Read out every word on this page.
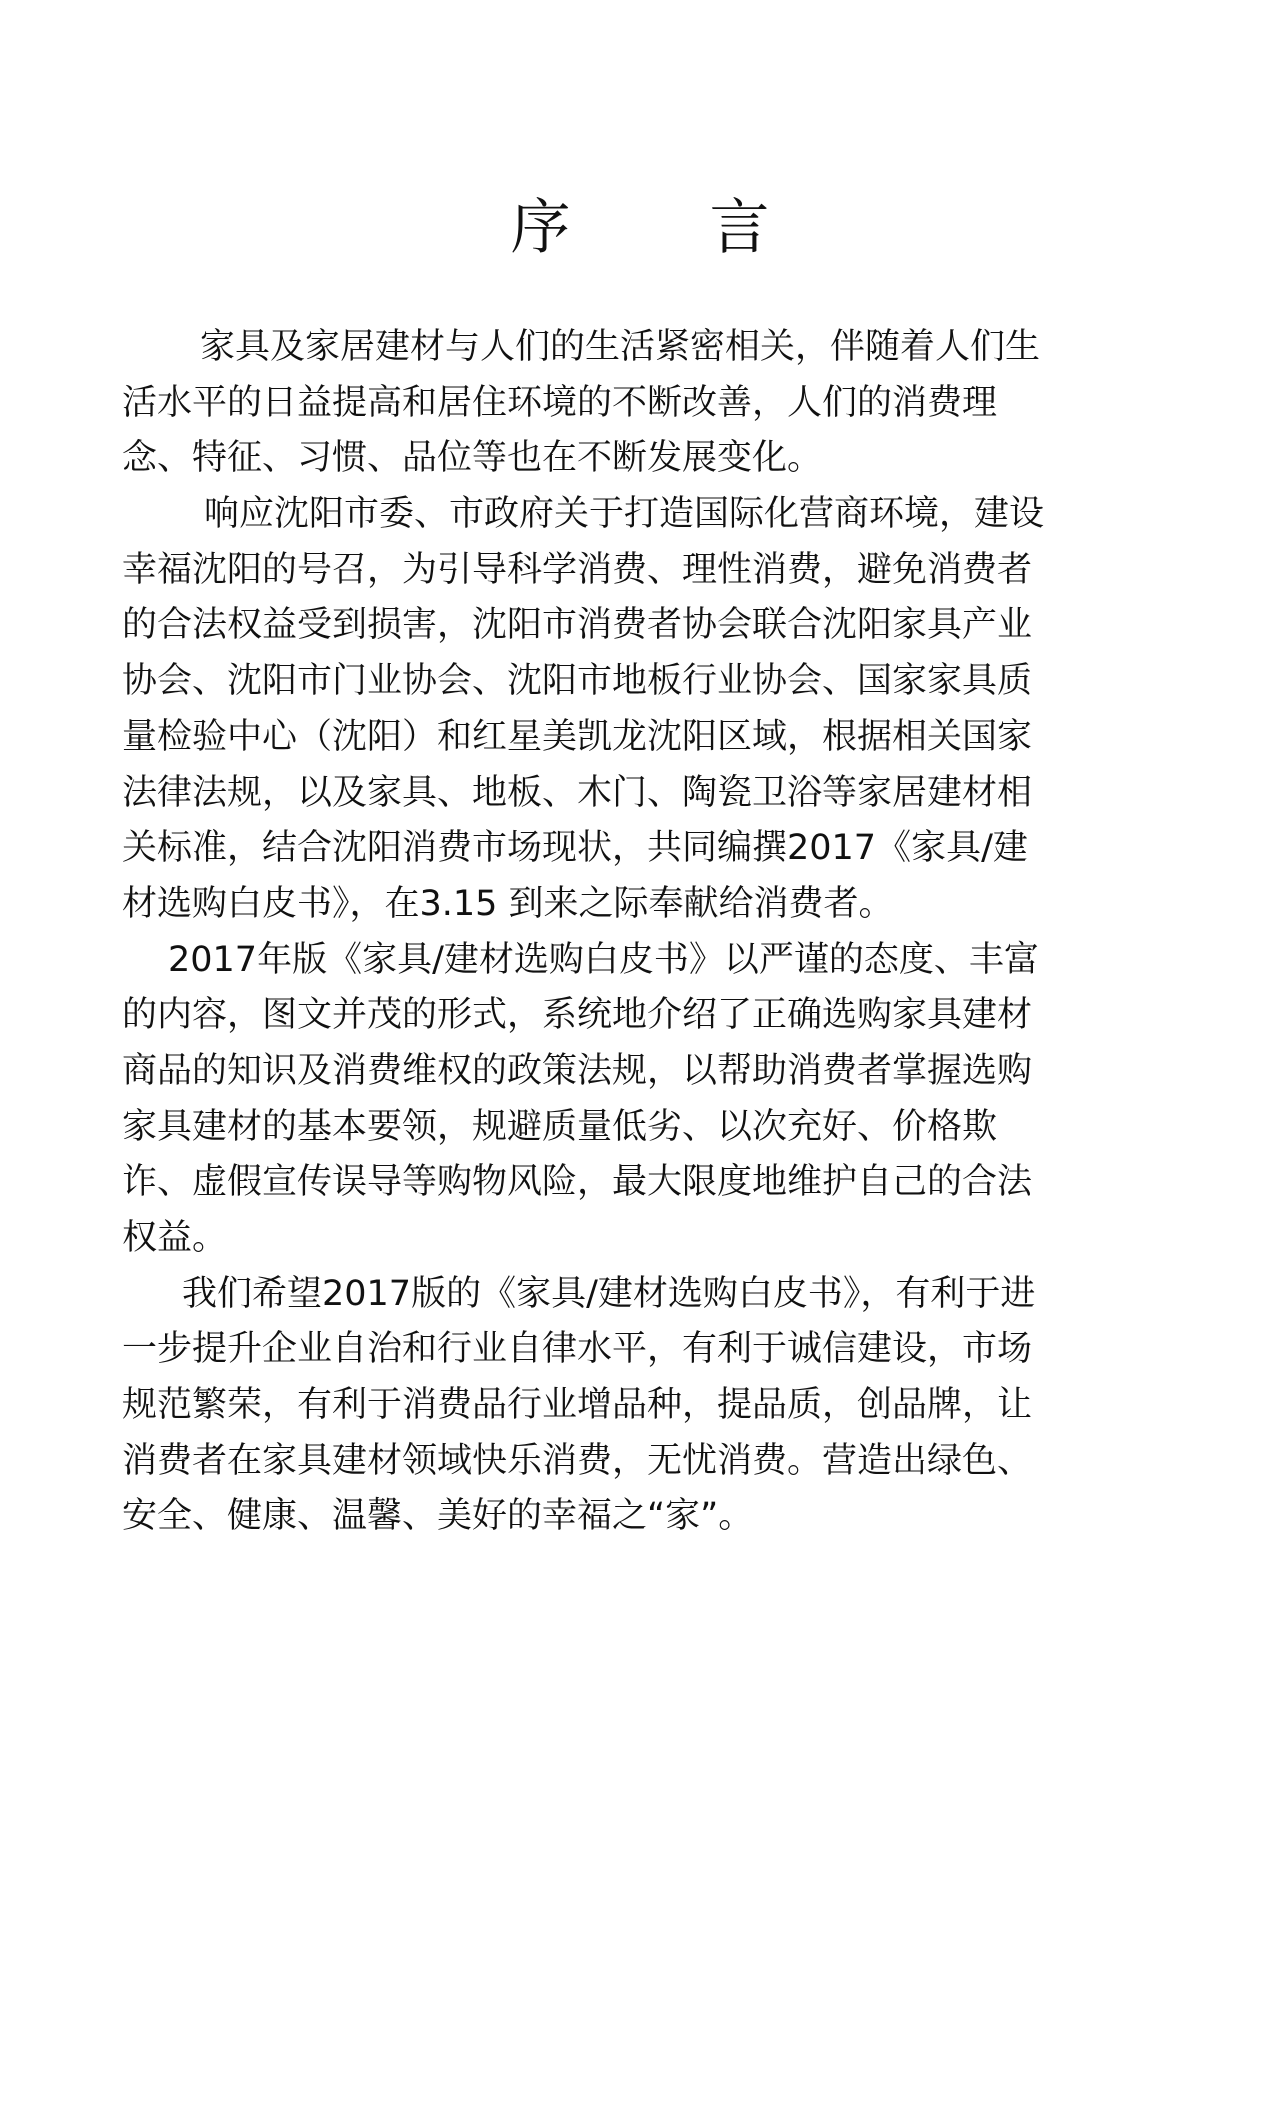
序 言
家具及家居建材与人们的生活紧密相关，伴随着人们生
活水平的日益提高和居住环境的不断改善，人们的消费理
念、特征、习惯、品位等也在不断发展变化。
响应沈阳市委、市政府关于打造国际化营商环境，建设
幸福沈阳的号召，为引导科学消费、理性消费，避免消费者
的合法权益受到损害，沈阳市消费者协会联合沈阳家具产业
协会、沈阳市门业协会、沈阳市地板行业协会、国家家具质
量检验中心（沈阳）和红星美凯龙沈阳区域，根据相关国家
法律法规，以及家具、地板、木门、陶瓷卫浴等家居建材相
关标准，结合沈阳消费市场现状，共同编撰2017《家具/建
材选购白皮书》，在3.15 到来之际奉献给消费者。
2017年版《家具/建材选购白皮书》以严谨的态度、丰富
的内容，图文并茂的形式，系统地介绍了正确选购家具建材
商品的知识及消费维权的政策法规，以帮助消费者掌握选购
家具建材的基本要领，规避质量低劣、以次充好、价格欺
诈、虚假宣传误导等购物风险，最大限度地维护自己的合法
权益。
我们希望2017版的《家具/建材选购白皮书》，有利于进
一步提升企业自治和行业自律水平，有利于诚信建设，市场
规范繁荣，有利于消费品行业增品种，提品质，创品牌，让
消费者在家具建材领域快乐消费，无忧消费。营造出绿色、
安全、健康、温馨、美好的幸福之“家”。
